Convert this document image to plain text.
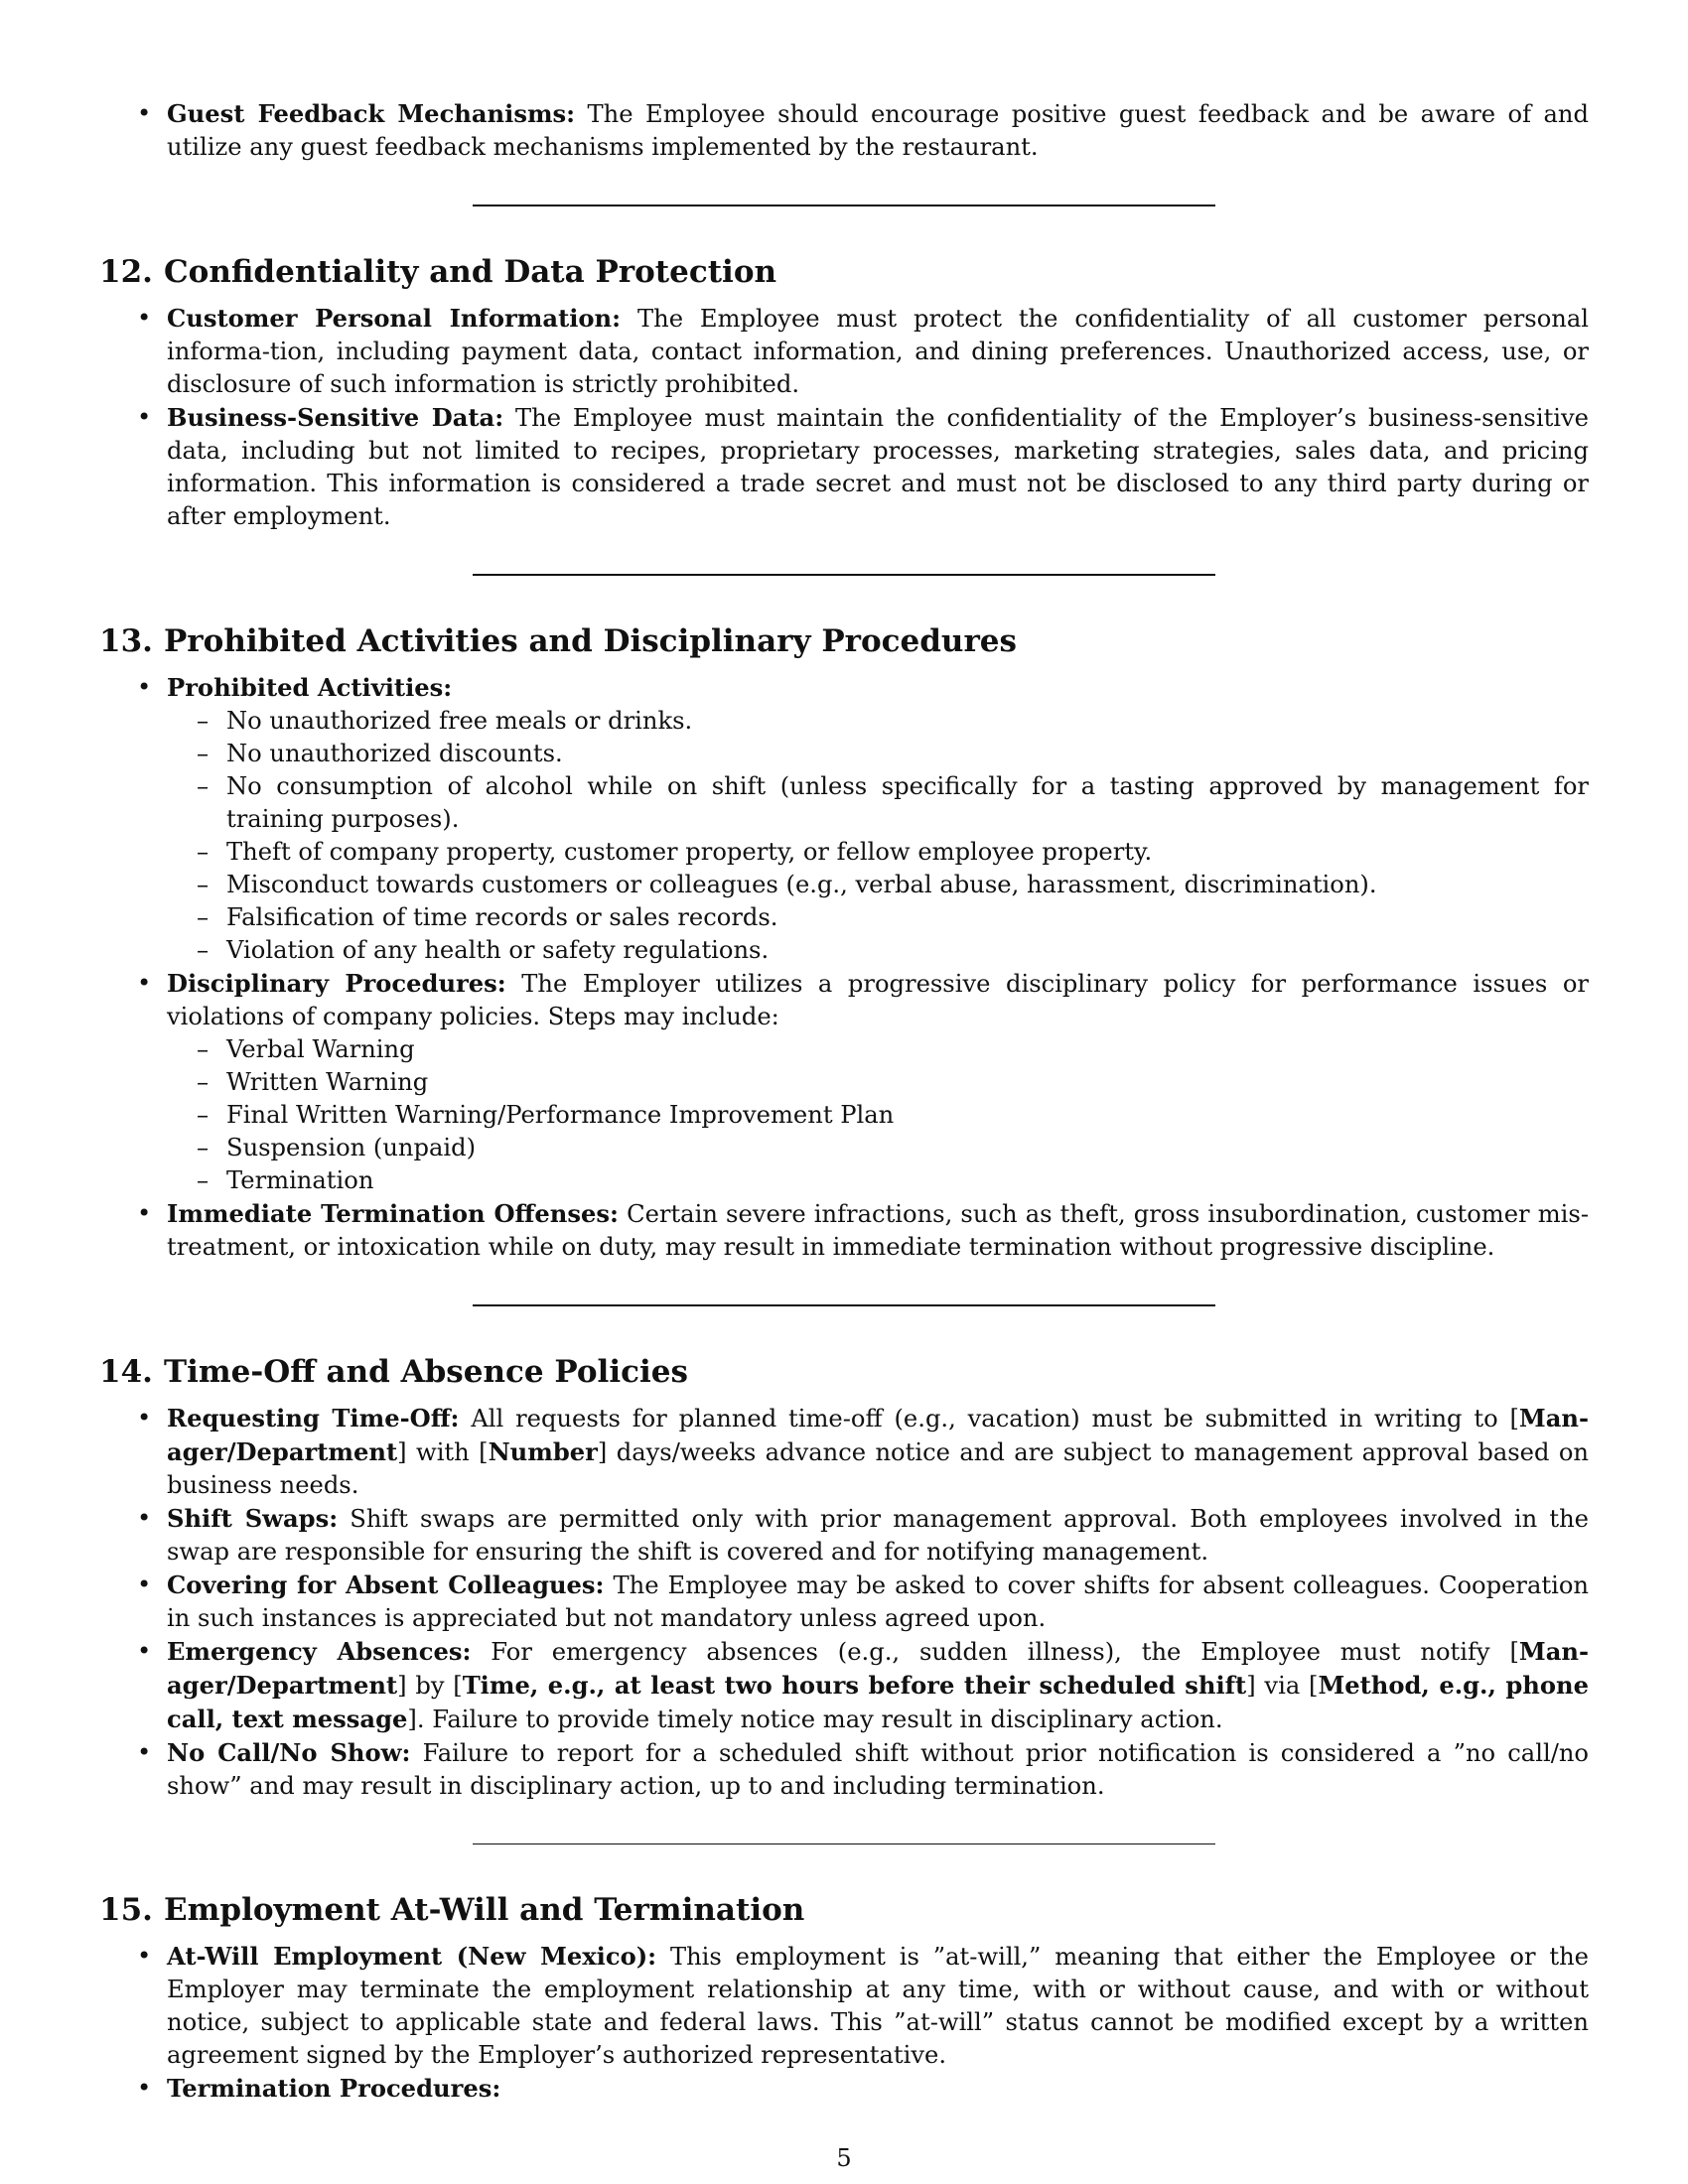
• Guest Feedback Mechanisms: The Employee should encourage positive guest feedback and be aware of and utilize any guest feedback mechanisms implemented by the restaurant.
12. Confidentiality and Data Protection
• Customer Personal Information: The Employee must protect the confidentiality of all customer personal informa-tion, including payment data, contact information, and dining preferences. Unauthorized access, use, or disclosure of such information is strictly prohibited.
• Business-Sensitive Data: The Employee must maintain the confidentiality of the Employer’s business-sensitive data, including but not limited to recipes, proprietary processes, marketing strategies, sales data, and pricing information. This information is considered a trade secret and must not be disclosed to any third party during or after employment.
13. Prohibited Activities and Disciplinary Procedures
• Prohibited Activities:
– No unauthorized free meals or drinks.
– No unauthorized discounts.
– No consumption of alcohol while on shift (unless specifically for a tasting approved by management for training purposes).
– Theft of company property, customer property, or fellow employee property.
– Misconduct towards customers or colleagues (e.g., verbal abuse, harassment, discrimination).
– Falsification of time records or sales records.
– Violation of any health or safety regulations.
• Disciplinary Procedures: The Employer utilizes a progressive disciplinary policy for performance issues or violations of company policies. Steps may include:
– Verbal Warning
– Written Warning
– Final Written Warning/Performance Improvement Plan
– Suspension (unpaid)
– Termination
• Immediate Termination Offenses: Certain severe infractions, such as theft, gross insubordination, customer mis-treatment, or intoxication while on duty, may result in immediate termination without progressive discipline.
14. Time-Off and Absence Policies
• Requesting Time-Off: All requests for planned time-off (e.g., vacation) must be submitted in writing to [Man-ager/Department] with [Number] days/weeks advance notice and are subject to management approval based on business needs.
• Shift Swaps: Shift swaps are permitted only with prior management approval. Both employees involved in the swap are responsible for ensuring the shift is covered and for notifying management.
• Covering for Absent Colleagues: The Employee may be asked to cover shifts for absent colleagues. Cooperation in such instances is appreciated but not mandatory unless agreed upon.
• Emergency Absences: For emergency absences (e.g., sudden illness), the Employee must notify [Man-ager/Department] by [Time, e.g., at least two hours before their scheduled shift] via [Method, e.g., phone call, text message]. Failure to provide timely notice may result in disciplinary action.
• No Call/No Show: Failure to report for a scheduled shift without prior notification is considered a ”no call/no show” and may result in disciplinary action, up to and including termination.
15. Employment At-Will and Termination
• At-Will Employment (New Mexico): This employment is ”at-will,” meaning that either the Employee or the Employer may terminate the employment relationship at any time, with or without cause, and with or without notice, subject to applicable state and federal laws. This ”at-will” status cannot be modified except by a written agreement signed by the Employer’s authorized representative.
• Termination Procedures:
5
